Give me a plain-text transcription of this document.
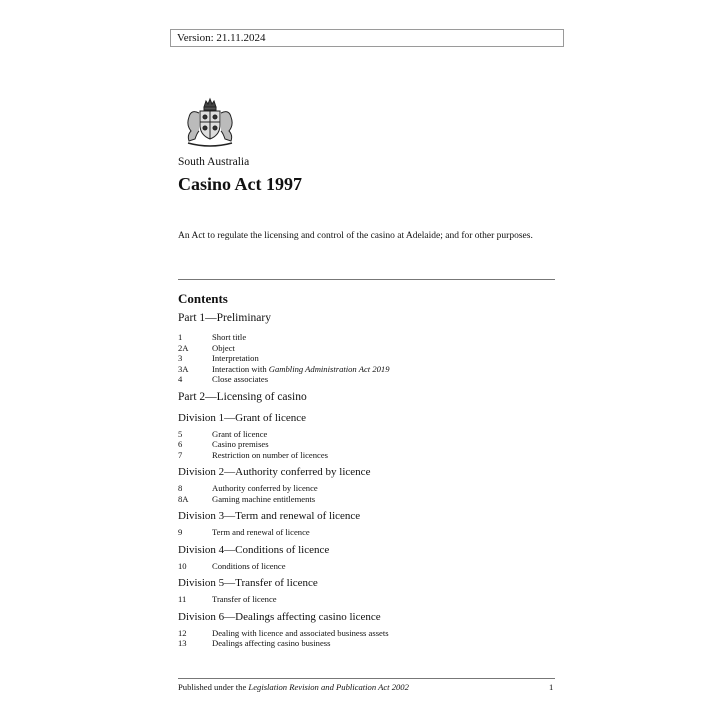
Version: 21.11.2024
South Australia
Casino Act 1997
An Act to regulate the licensing and control of the casino at Adelaide; and for other purposes.
Contents
Part 1—Preliminary
1	Short title
2A	Object
3	Interpretation
3A	Interaction with Gambling Administration Act 2019
4	Close associates
Part 2—Licensing of casino
Division 1—Grant of licence
5	Grant of licence
6	Casino premises
7	Restriction on number of licences
Division 2—Authority conferred by licence
8	Authority conferred by licence
8A	Gaming machine entitlements
Division 3—Term and renewal of licence
9	Term and renewal of licence
Division 4—Conditions of licence
10	Conditions of licence
Division 5—Transfer of licence
11	Transfer of licence
Division 6—Dealings affecting casino licence
12	Dealing with licence and associated business assets
13	Dealings affecting casino business
Published under the Legislation Revision and Publication Act 2002	1
